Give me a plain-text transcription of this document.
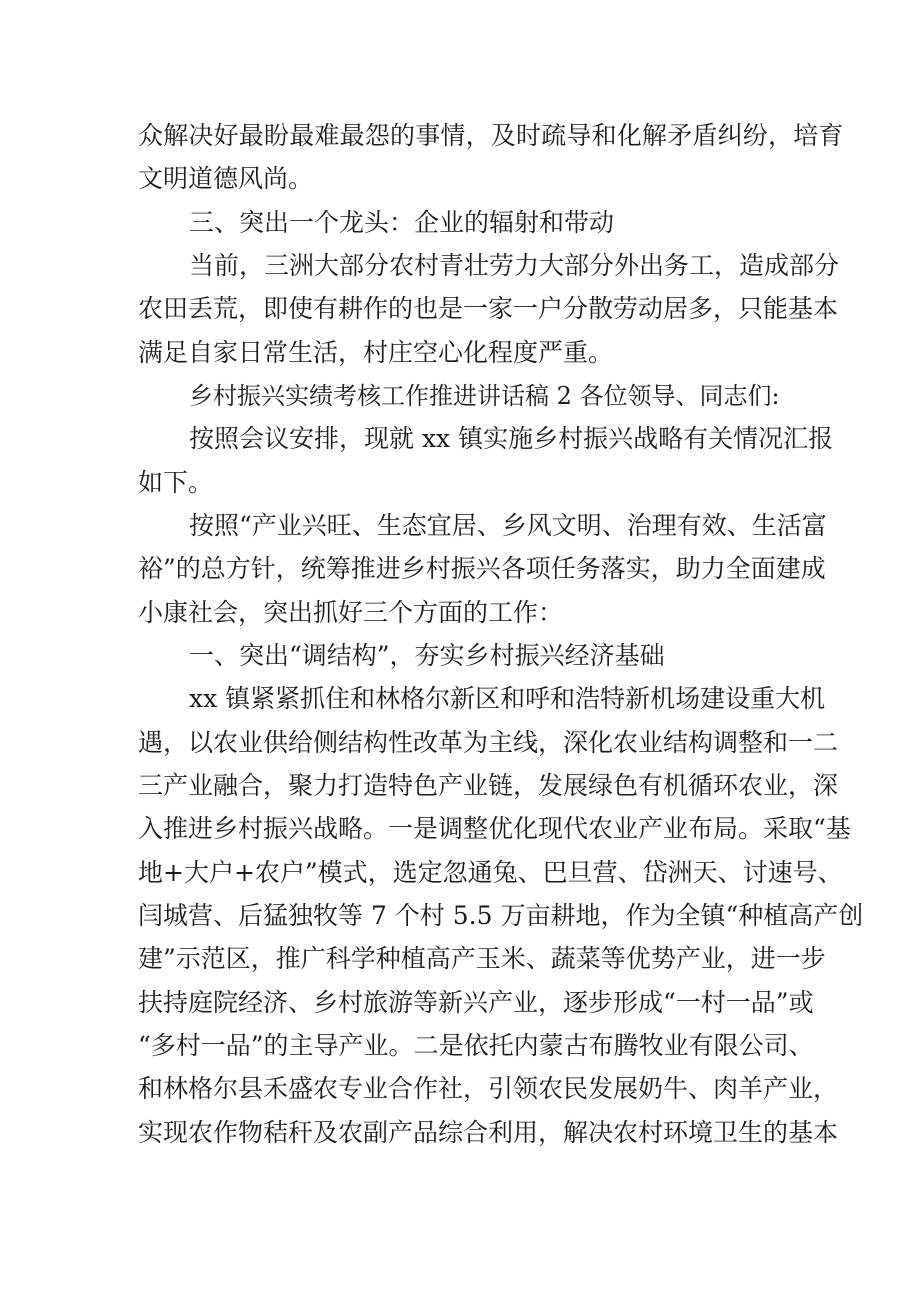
众解决好最盼最难最怨的事情，及时疏导和化解矛盾纠纷，培育
文明道德风尚。
三、突出一个龙头：企业的辐射和带动
当前，三洲大部分农村青壮劳力大部分外出务工，造成部分
农田丢荒，即使有耕作的也是一家一户分散劳动居多，只能基本
满足自家日常生活，村庄空心化程度严重。
乡村振兴实绩考核工作推进讲话稿 2 各位领导、同志们:
按照会议安排，现就 xx 镇实施乡村振兴战略有关情况汇报
如下。
按照“产业兴旺、生态宜居、乡风文明、治理有效、生活富
裕”的总方针，统筹推进乡村振兴各项任务落实，助力全面建成
小康社会，突出抓好三个方面的工作：
一、突出“调结构”，夯实乡村振兴经济基础
xx 镇紧紧抓住和林格尔新区和呼和浩特新机场建设重大机
遇，以农业供给侧结构性改革为主线，深化农业结构调整和一二
三产业融合，聚力打造特色产业链，发展绿色有机循环农业，深
入推进乡村振兴战略。一是调整优化现代农业产业布局。采取“基
地+大户+农户”模式，选定忽通兔、巴旦营、岱洲天、讨速号、
闫城营、后猛独牧等 7 个村 5.5 万亩耕地，作为全镇“种植高产创
建”示范区，推广科学种植高产玉米、蔬菜等优势产业，进一步
扶持庭院经济、乡村旅游等新兴产业，逐步形成“一村一品”或
“多村一品”的主导产业。二是依托内蒙古布腾牧业有限公司、
和林格尔县禾盛农专业合作社，引领农民发展奶牛、肉羊产业，
实现农作物秸秆及农副产品综合利用，解决农村环境卫生的基本
